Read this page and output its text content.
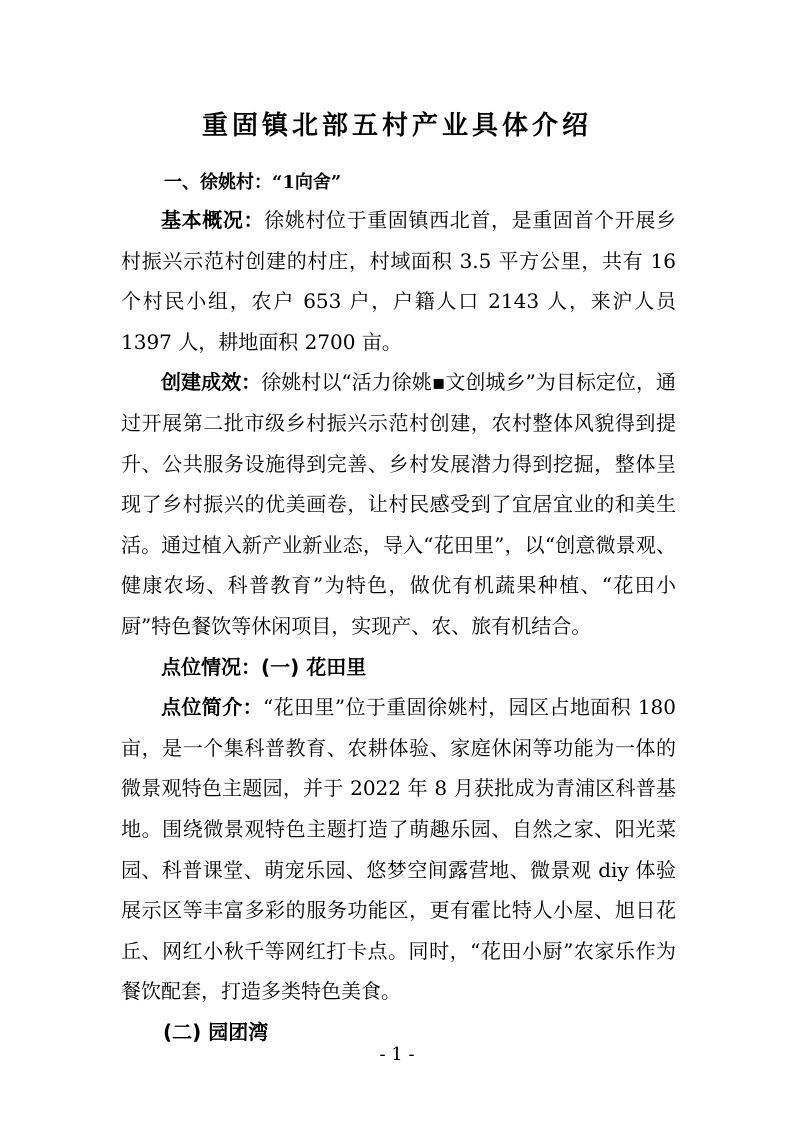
重固镇北部五村产业具体介绍
一、徐姚村：“1向舍”

基本概况：徐姚村位于重固镇西北首，是重固首个开展乡村振兴示范村创建的村庄，村域面积 3.5 平方公里，共有 16 个村民小组，农户 653 户，户籍人口 2143 人，来沪人员 1397 人，耕地面积 2700 亩。

创建成效：徐姚村以“活力徐姚▪文创城乡”为目标定位，通过开展第二批市级乡村振兴示范村创建，农村整体风貌得到提升、公共服务设施得到完善、乡村发展潜力得到挖掘，整体呈现了乡村振兴的优美画卷，让村民感受到了宜居宜业的和美生活。通过植入新产业新业态，导入“花田里”，以“创意微景观、健康农场、科普教育”为特色，做优有机蔬果种植、“花田小厨”特色餐饮等休闲项目，实现产、农、旅有机结合。

点位情况：(一) 花田里

点位简介：“花田里”位于重固徐姚村，园区占地面积 180 亩，是一个集科普教育、农耕体验、家庭休闲等功能为一体的微景观特色主题园，并于 2022 年 8 月获批成为青浦区科普基地。围绕微景观特色主题打造了萌趣乐园、自然之家、阳光菜园、科普课堂、萌宠乐园、悠梦空间露营地、微景观 diy 体验展示区等丰富多彩的服务功能区，更有霍比特人小屋、旭日花丘、网红小秋千等网红打卡点。同时，“花田小厨”农家乐作为餐饮配套，打造多类特色美食。

(二) 园团湾

- 1 -
